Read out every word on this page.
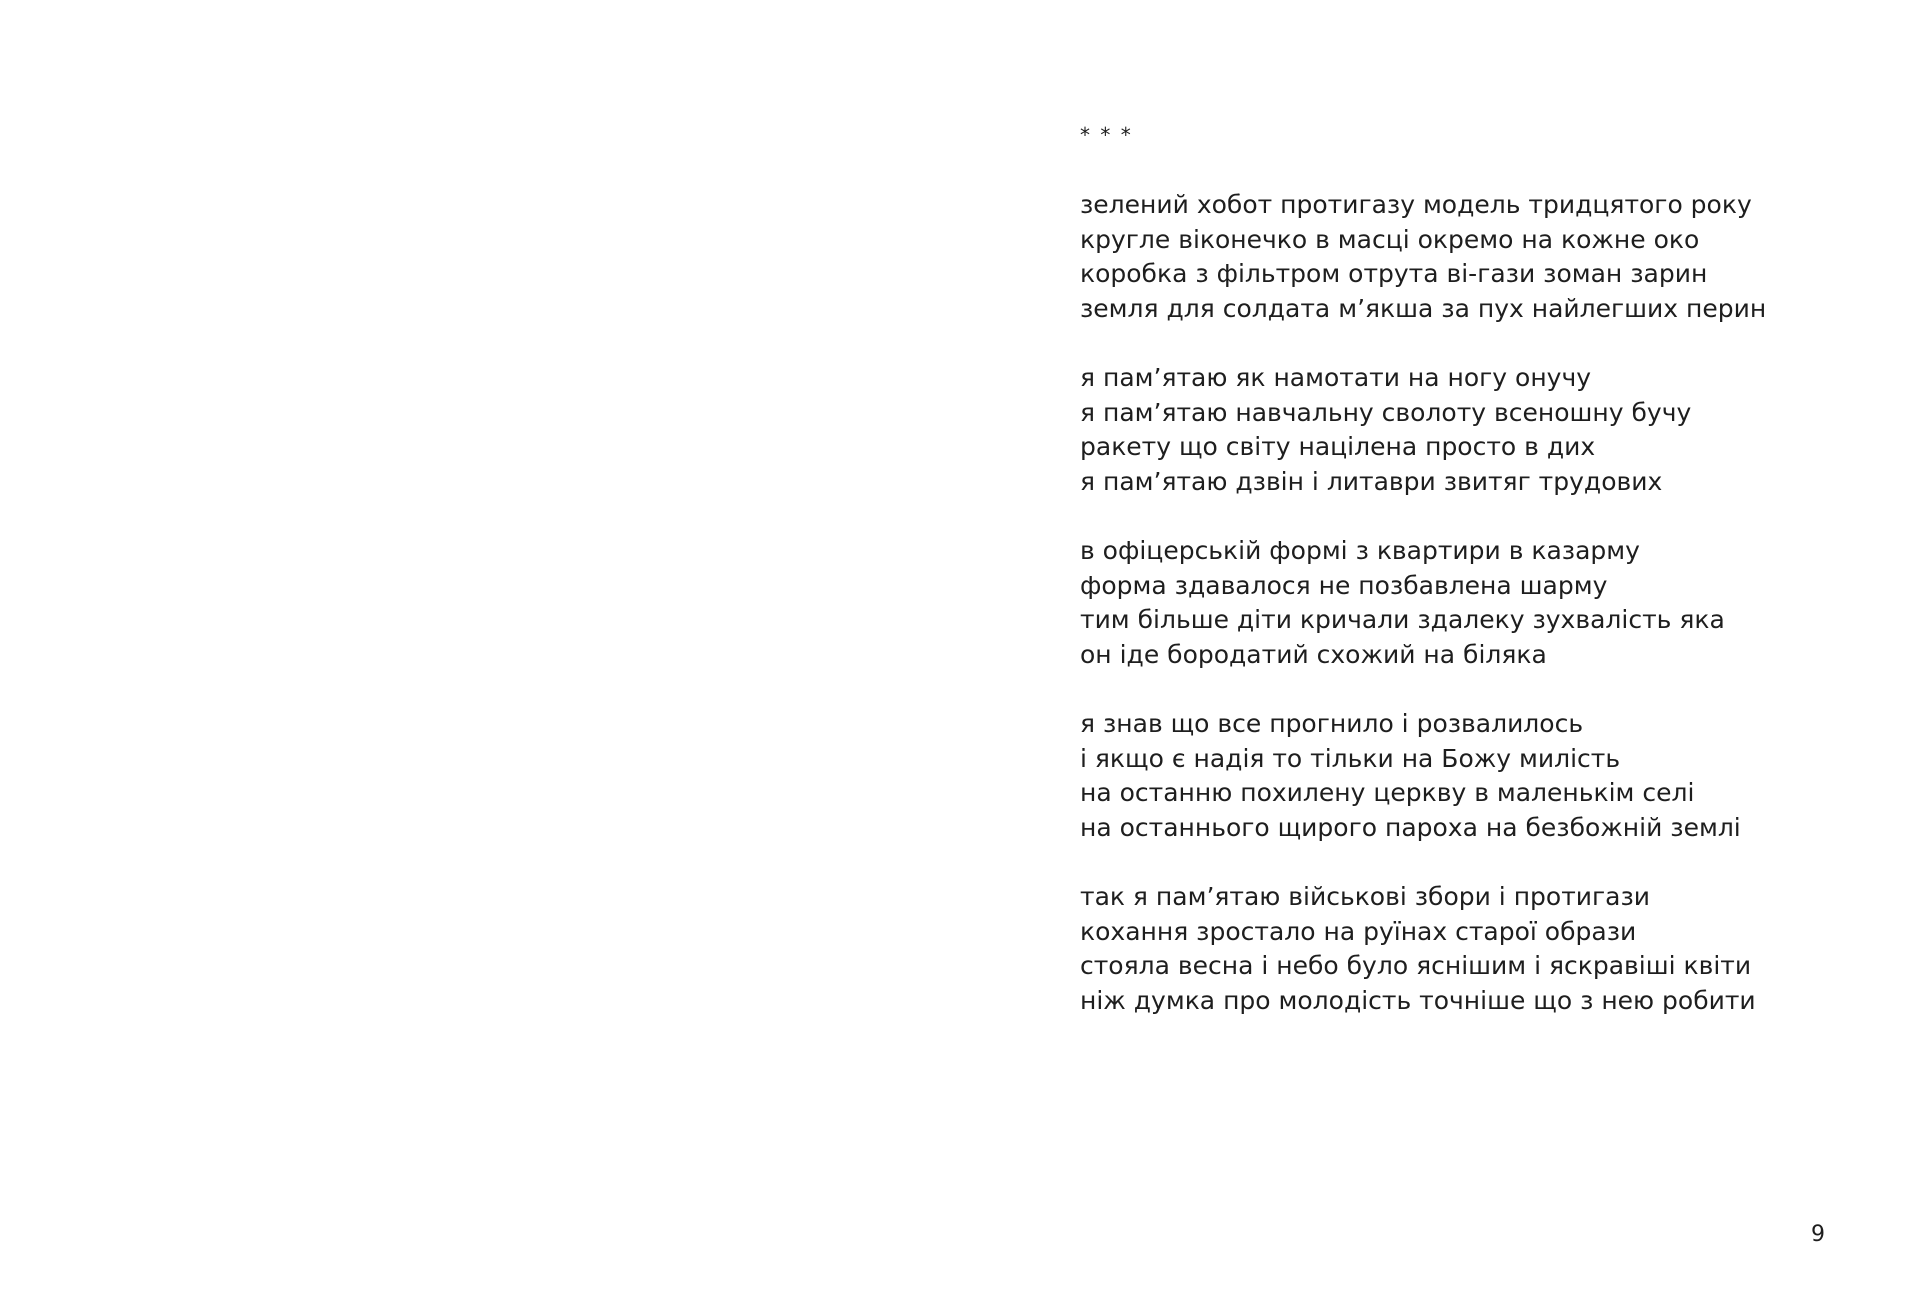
* * *
зелений хобот протигазу модель тридцятого року
кругле віконечко в масці окремо на кожне око
коробка з фільтром отрута ві-гази зоман зарин
земля для солдата м’якша за пух найлегших перин
я пам’ятаю як намотати на ногу онучу
я пам’ятаю навчальну сволоту всеношну бучу
ракету що світу націлена просто в дих
я пам’ятаю дзвін і литаври звитяг трудових
в офіцерській формі з квартири в казарму
форма здавалося не позбавлена шарму
тим більше діти кричали здалеку зухвалість яка
он іде бородатий схожий на біляка
я знав що все прогнило і розвалилось
і якщо є надія то тільки на Божу милість
на останню похилену церкву в маленькім селі
на останнього щирого пароха на безбожній землі
так я пам’ятаю військові збори і протигази
кохання зростало на руїнах старої образи
стояла весна і небо було яснішим і яскравіші квіти
ніж думка про молодість точніше що з нею робити
9
